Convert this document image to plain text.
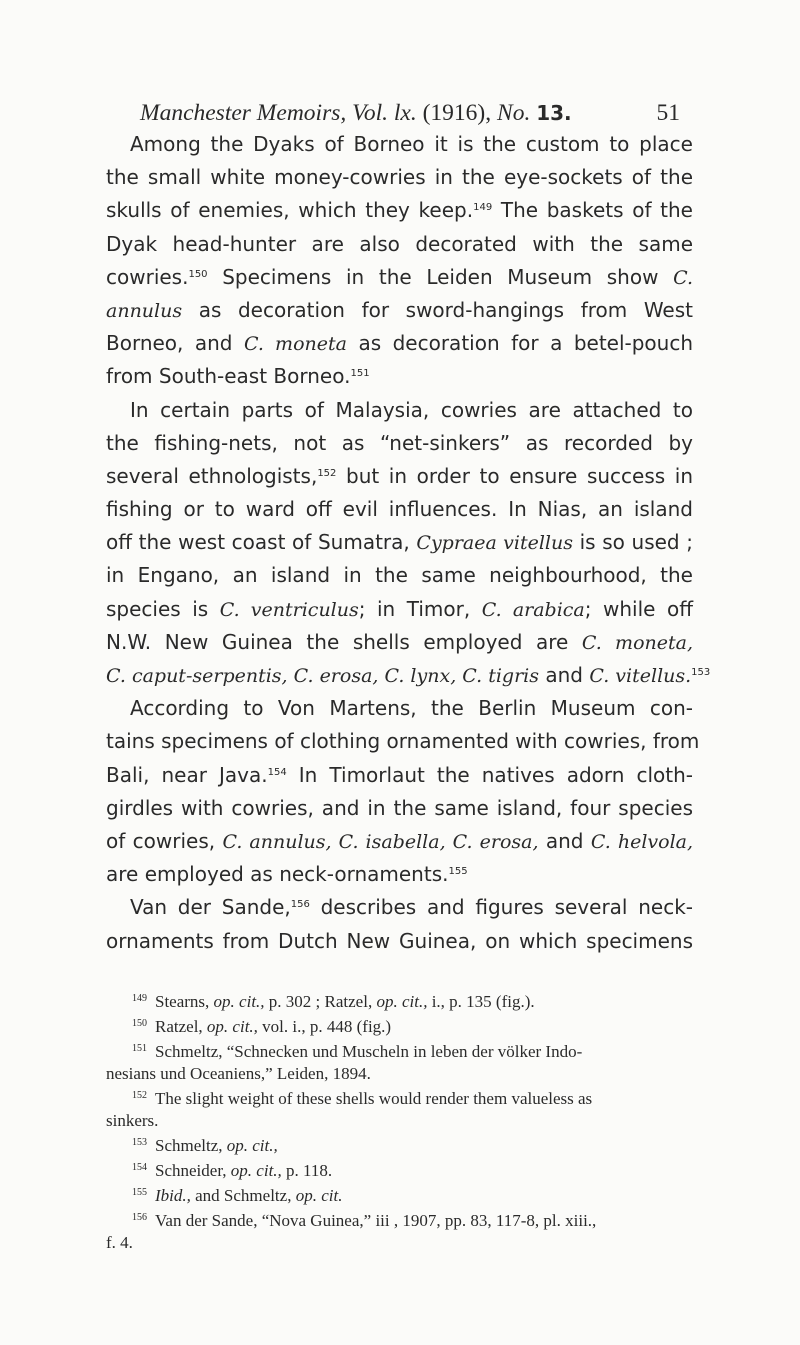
Manchester Memoirs, Vol. lx. (1916), No. 13.	51
Among the Dyaks of Borneo it is the custom to place
the small white money-cowries in the eye-sockets of the
skulls of enemies, which they keep.$^{149}$ The baskets of the
Dyak head-hunter are also decorated with the same
cowries.$^{150}$ Specimens in the Leiden Museum show C.
annulus as decoration for sword-hangings from West
Borneo, and C. moneta as decoration for a betel-pouch
from South-east Borneo.$^{151}$
In certain parts of Malaysia, cowries are attached to
the fishing-nets, not as “net-sinkers” as recorded by
several ethnologists,$^{152}$ but in order to ensure success in
fishing or to ward off evil influences. In Nias, an island
off the west coast of Sumatra, Cypraea vitellus is so used ;
in Engano, an island in the same neighbourhood, the
species is C. ventriculus; in Timor, C. arabica; while off
N.W. New Guinea the shells employed are C. moneta,
C. caput-serpentis, C. erosa, C. lynx, C. tigris and C. vitellus.$^{153}$
According to Von Martens, the Berlin Museum con-
tains specimens of clothing ornamented with cowries, from
Bali, near Java.$^{154}$ In Timorlaut the natives adorn cloth-
girdles with cowries, and in the same island, four species
of cowries, C. annulus, C. isabella, C. erosa, and C. helvola,
are employed as neck-ornaments.$^{155}$
Van der Sande,$^{156}$ describes and figures several neck-
ornaments from Dutch New Guinea, on which specimens
$^{149}$ Stearns, op. cit., p. 302 ; Ratzel, op. cit., i., p. 135 (fig.).
$^{150}$ Ratzel, op. cit., vol. i., p. 448 (fig.)
$^{151}$ Schmeltz, “Schnecken und Muscheln in leben der völker Indo-
nesians und Oceaniens,” Leiden, 1894.
$^{152}$ The slight weight of these shells would render them valueless as
sinkers.
$^{153}$ Schmeltz, op. cit.,
$^{154}$ Schneider, op. cit., p. 118.
$^{155}$ Ibid., and Schmeltz, op. cit.
$^{156}$ Van der Sande, “Nova Guinea,” iii , 1907, pp. 83, 117-8, pl. xiii.,
f. 4.
